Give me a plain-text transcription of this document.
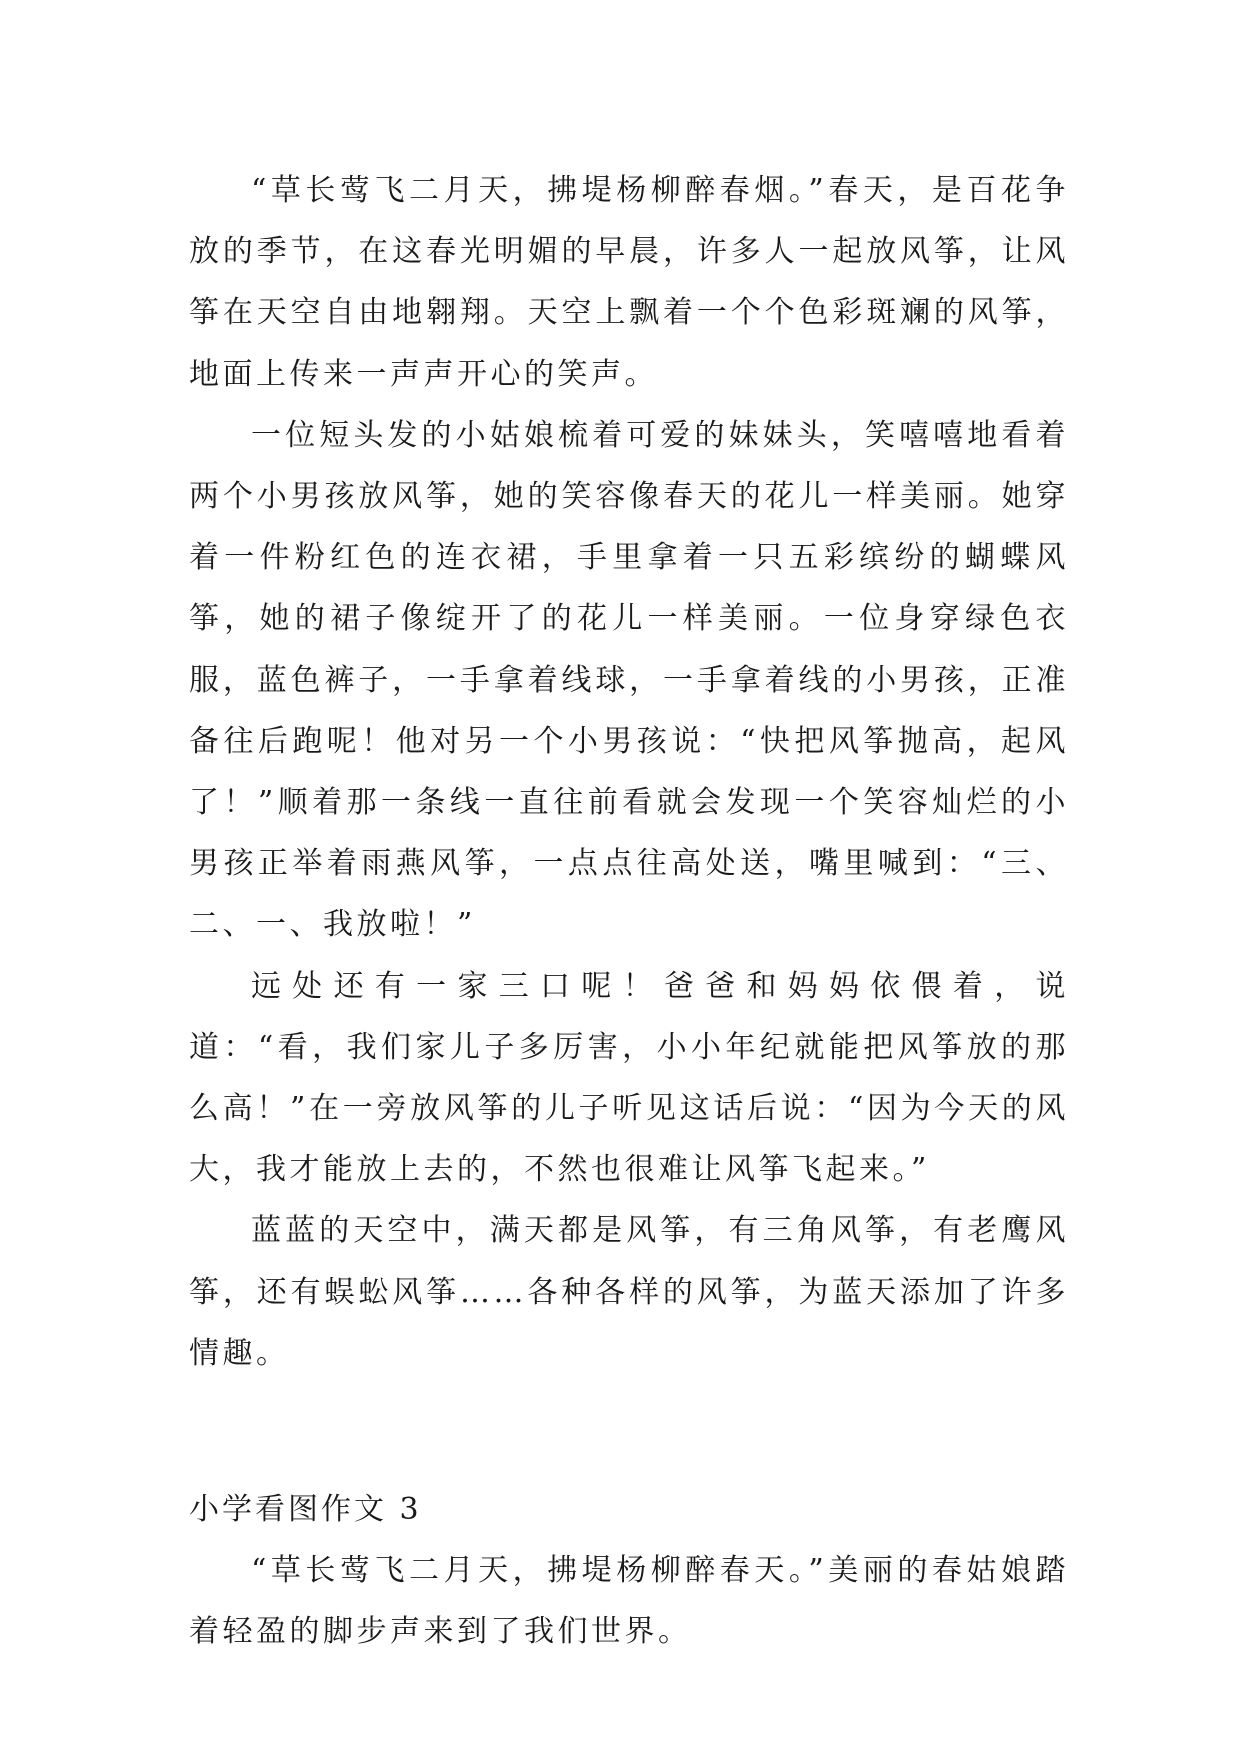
“草长莺飞二月天，拂堤杨柳醉春烟。”春天，是百花争放的季节，在这春光明媚的早晨，许多人一起放风筝，让风筝在天空自由地翱翔。天空上飘着一个个色彩斑斓的风筝，地面上传来一声声开心的笑声。

一位短头发的小姑娘梳着可爱的妹妹头，笑嘻嘻地看着两个小男孩放风筝，她的笑容像春天的花儿一样美丽。她穿着一件粉红色的连衣裙，手里拿着一只五彩缤纷的蝴蝶风筝，她的裙子像绽开了的花儿一样美丽。一位身穿绿色衣服，蓝色裤子，一手拿着线球，一手拿着线的小男孩，正准备往后跑呢！他对另一个小男孩说：“快把风筝抛高，起风了！”顺着那一条线一直往前看就会发现一个笑容灿烂的小男孩正举着雨燕风筝，一点点往高处送，嘴里喊到：“三、二、一、我放啦！”

远处还有一家三口呢！爸爸和妈妈依偎着，说道：“看，我们家儿子多厉害，小小年纪就能把风筝放的那么高！”在一旁放风筝的儿子听见这话后说：“因为今天的风大，我才能放上去的，不然也很难让风筝飞起来。”

蓝蓝的天空中，满天都是风筝，有三角风筝，有老鹰风筝，还有蜈蚣风筝……各种各样的风筝，为蓝天添加了许多情趣。

小学看图作文 3

“草长莺飞二月天，拂堤杨柳醉春天。”美丽的春姑娘踏着轻盈的脚步声来到了我们世界。
